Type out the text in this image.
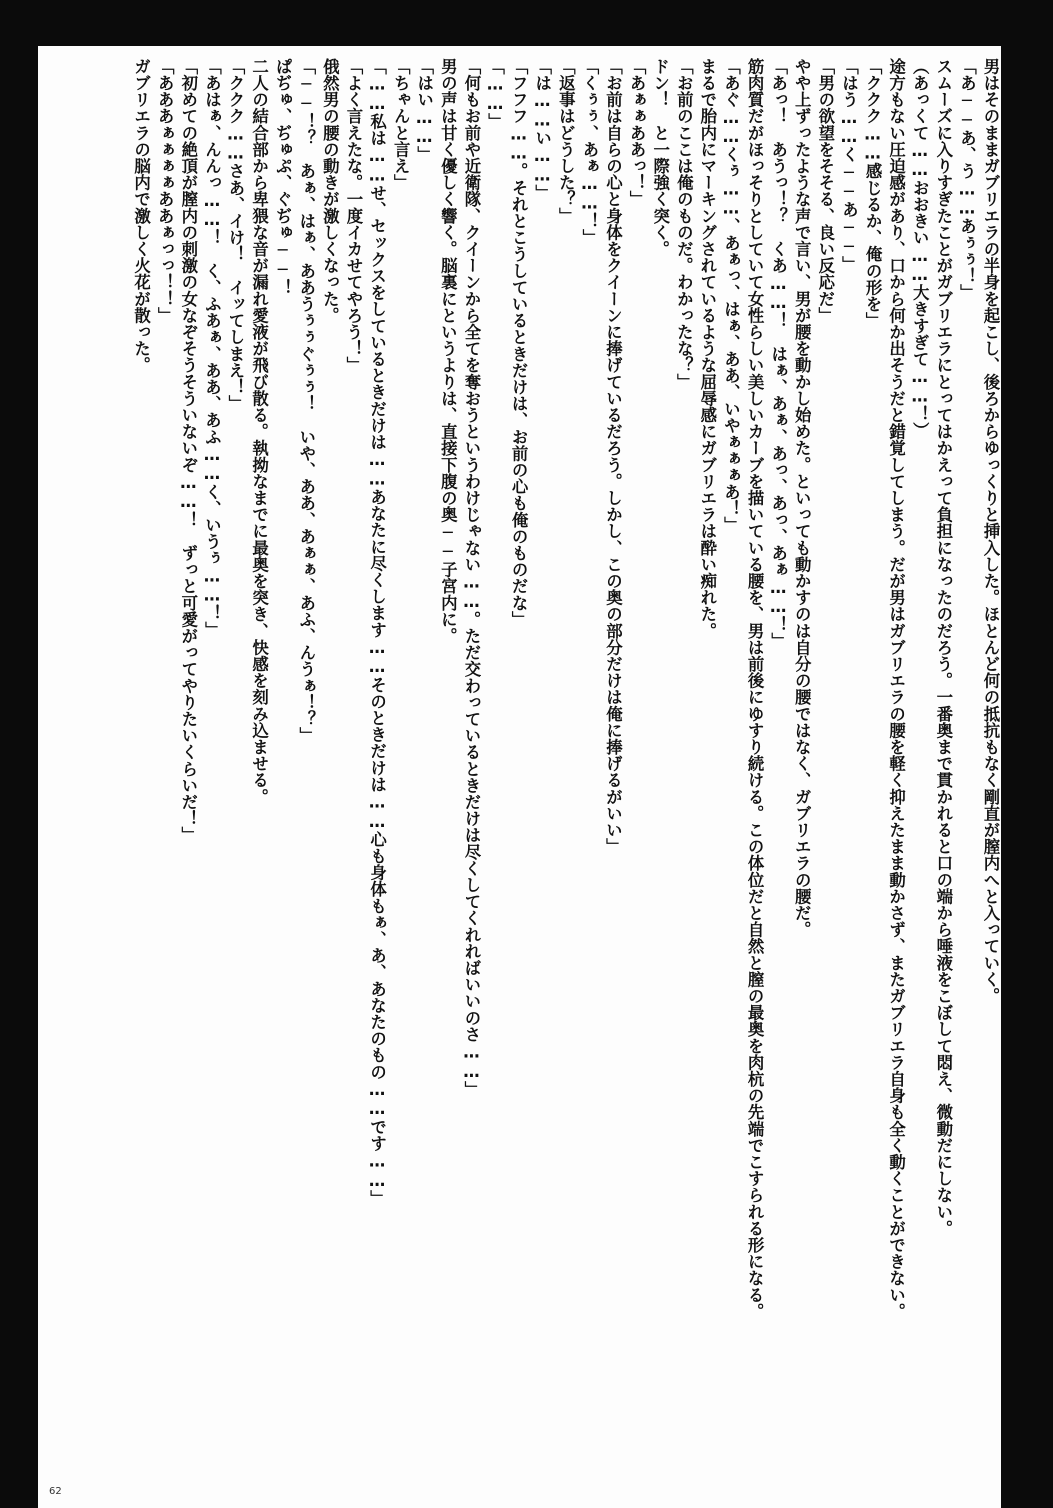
男はそのままガブリエラの半身を起こし、後ろからゆっくりと挿入した。ほとんど何の抵抗もなく剛直が膣内へと入っていく。
「あ──あ、う……あぅぅ！」
スムーズに入りすぎたことがガブリエラにとってはかえって負担になったのだろう。一番奥まで貫かれると口の端から唾液をこぼして悶え、微動だにしない。
（あっくて……おおきい……大きすぎて……！）
途方もない圧迫感があり、口から何か出そうだと錯覚してしまう。だが男はガブリエラの腰を軽く抑えたまま動かさず、またガブリエラ自身も全く動くことができない。
「ククク……感じるか、俺の形を」
「はう……く──あ──」
「男の欲望をそそる、良い反応だ」
やや上ずったような声で言い、男が腰を動かし始めた。といっても動かすのは自分の腰ではなく、ガブリエラの腰だ。
「あっ！　あうっ！？　くあ……！　はぁ、あぁ、あっ、あっ、あぁ……！」
筋肉質だがほっそりとしていて女性らしい美しいカーブを描いている腰を、男は前後にゆすり続ける。この体位だと自然と膣の最奥を肉杭の先端でこすられる形になる。
「あぐ……くぅ……、あぁっ、はぁ、ああ、いやぁぁぁあ！」
まるで胎内にマーキングされているような屈辱感にガブリエラは酔い痴れた。
「お前のここは俺のものだ。わかったな？」
ドン！　と一際強く突く。
「あぁぁああっ！」
「お前は自らの心と身体をクイーンに捧げているだろう。しかし、この奥の部分だけは俺に捧げるがいい」
「くぅぅ、あぁ……！」
「返事はどうした？」
「は……い……」
「フフフ……。それとこうしているときだけは、お前の心も俺のものだな」
「……」
「何もお前や近衛隊、クイーンから全てを奪おうというわけじゃない……。ただ交わっているときだけは尽くしてくれればいいのさ……」
男の声は甘く優しく響く。脳裏にというよりは、直接下腹の奥──子宮内に。
「はい……」
「ちゃんと言え」
「……私は……せ、セックスをしているときだけは……あなたに尽くします……そのときだけは……心も身体もぁ、あ、あなたのもの……です……」
「よく言えたな。一度イカせてやろう！」
俄然男の腰の動きが激しくなった。
「──！？　あぁ、はぁ、ああうぅぅぐぅぅ！　いや、ああ、あぁぁ、あふ、んうぁ！？」
ぱぢゅ、ぢゅぷ、ぐぢゅ──！
二人の結合部から卑猥な音が漏れ愛液が飛び散る。執拗なまでに最奥を突き、快感を刻み込ませる。
「ククク……さあ、イけ！　イッてしまえ！」
「あはぁ、んんっ……！　く、ふあぁ、ああ、あふ……く、いうぅ……！」
「初めての絶頂が膣内の刺激の女なぞそうそういないぞ……！　ずっと可愛がってやりたいくらいだ！」
「あああぁぁぁぁああぁっっ！！」
ガブリエラの脳内で激しく火花が散った。
62
